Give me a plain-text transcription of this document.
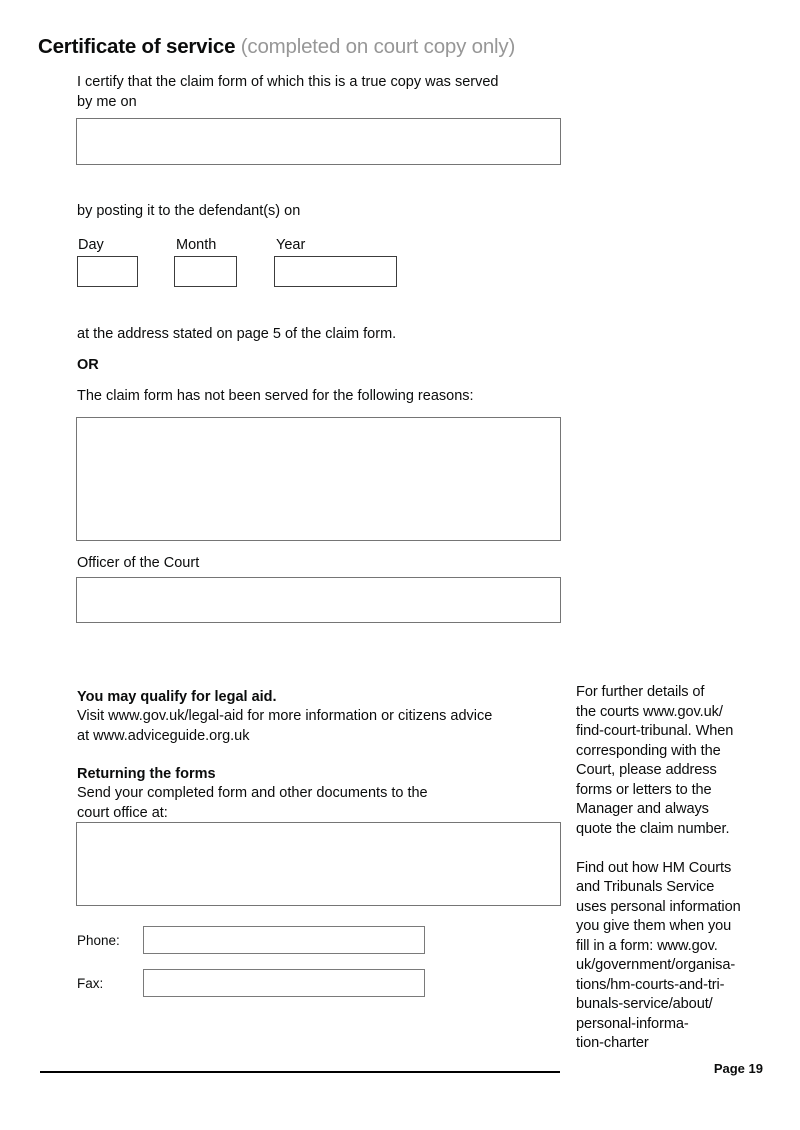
Certificate of service (completed on court copy only)
I certify that the claim form of which this is a true copy was served
by me on
by posting it to the defendant(s) on
Day	Month	Year
at the address stated on page 5 of the claim form.
OR
The claim form has not been served for the following reasons:
Officer of the Court
You may qualify for legal aid.
Visit www.gov.uk/legal-aid for more information or citizens advice
at www.adviceguide.org.uk
Returning the forms
Send your completed form and other documents to the
court office at:
Phone:
Fax:
For further details of
the courts www.gov.uk/
find-court-tribunal. When
corresponding with the
Court, please address
forms or letters to the
Manager and always
quote the claim number.
Find out how HM Courts
and Tribunals Service
uses personal information
you give them when you
fill in a form: www.gov.
uk/government/organisa-
tions/hm-courts-and-tri-
bunals-service/about/
personal-informa-
tion-charter
Page 19
